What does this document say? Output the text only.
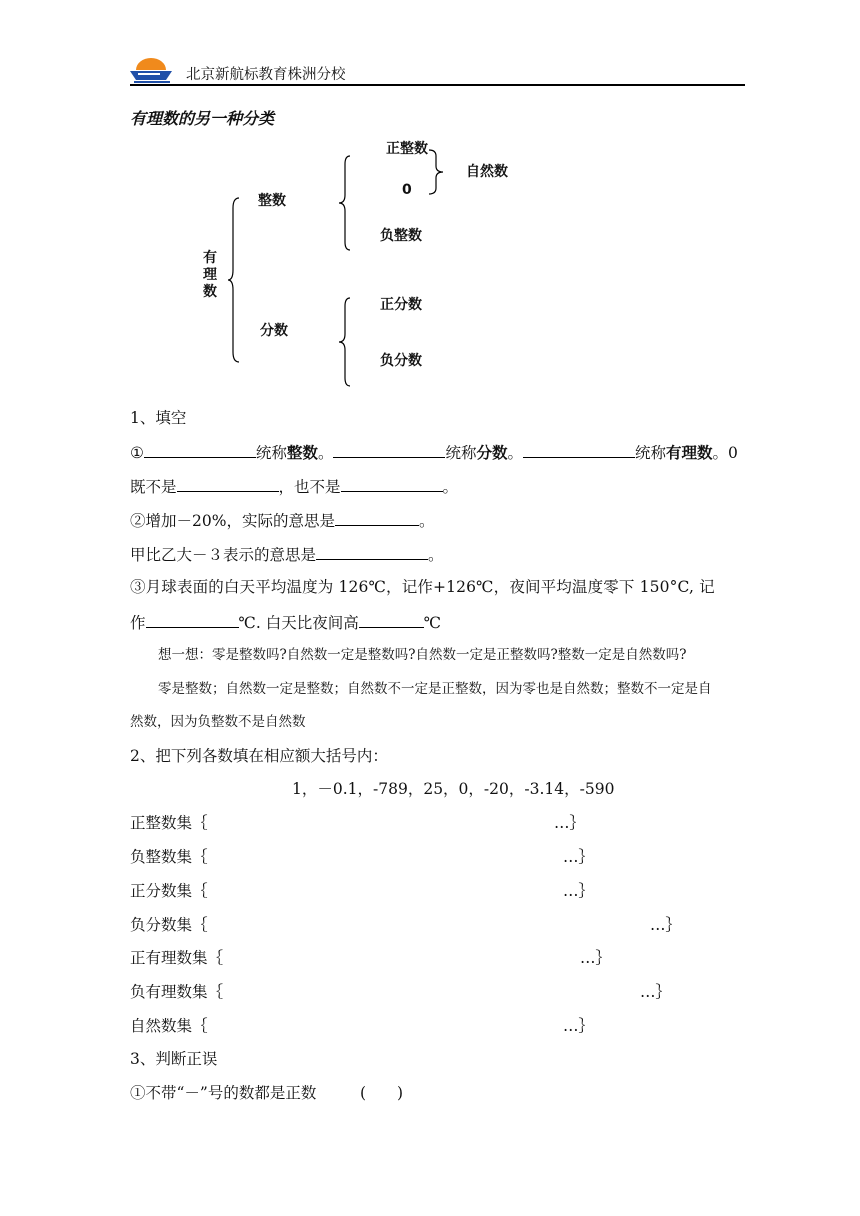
北京新航标教育株洲分校
有理数的另一种分类
有理数
整数
分数
正整数
0
负整数
自然数
正分数
负分数
1、填空
①	统称整数。	统称分数。	统称有理数。0
既不是	，也不是	。
②增加－20%，实际的意思是	。
甲比乙大－３表示的意思是	。
③月球表面的白天平均温度为 126℃，记作+126℃，夜间平均温度零下 150°C, 记
作	℃. 白天比夜间高	℃
想一想：零是整数吗?自然数一定是整数吗?自然数一定是正整数吗?整数一定是自然数吗?
零是整数；自然数一定是整数；自然数不一定是正整数，因为零也是自然数；整数不一定是自
然数，因为负整数不是自然数
2、把下列各数填在相应额大括号内：
1，－0.1，-789，25，0，-20，-3.14，-590
正整数集｛	…｝
负整数集｛	…｝
正分数集｛	…｝
负分数集｛	…｝
正有理数集｛	…｝
负有理数集｛	…｝
自然数集｛	…｝
3、判断正误
①不带“－”号的数都是正数	(　　)
